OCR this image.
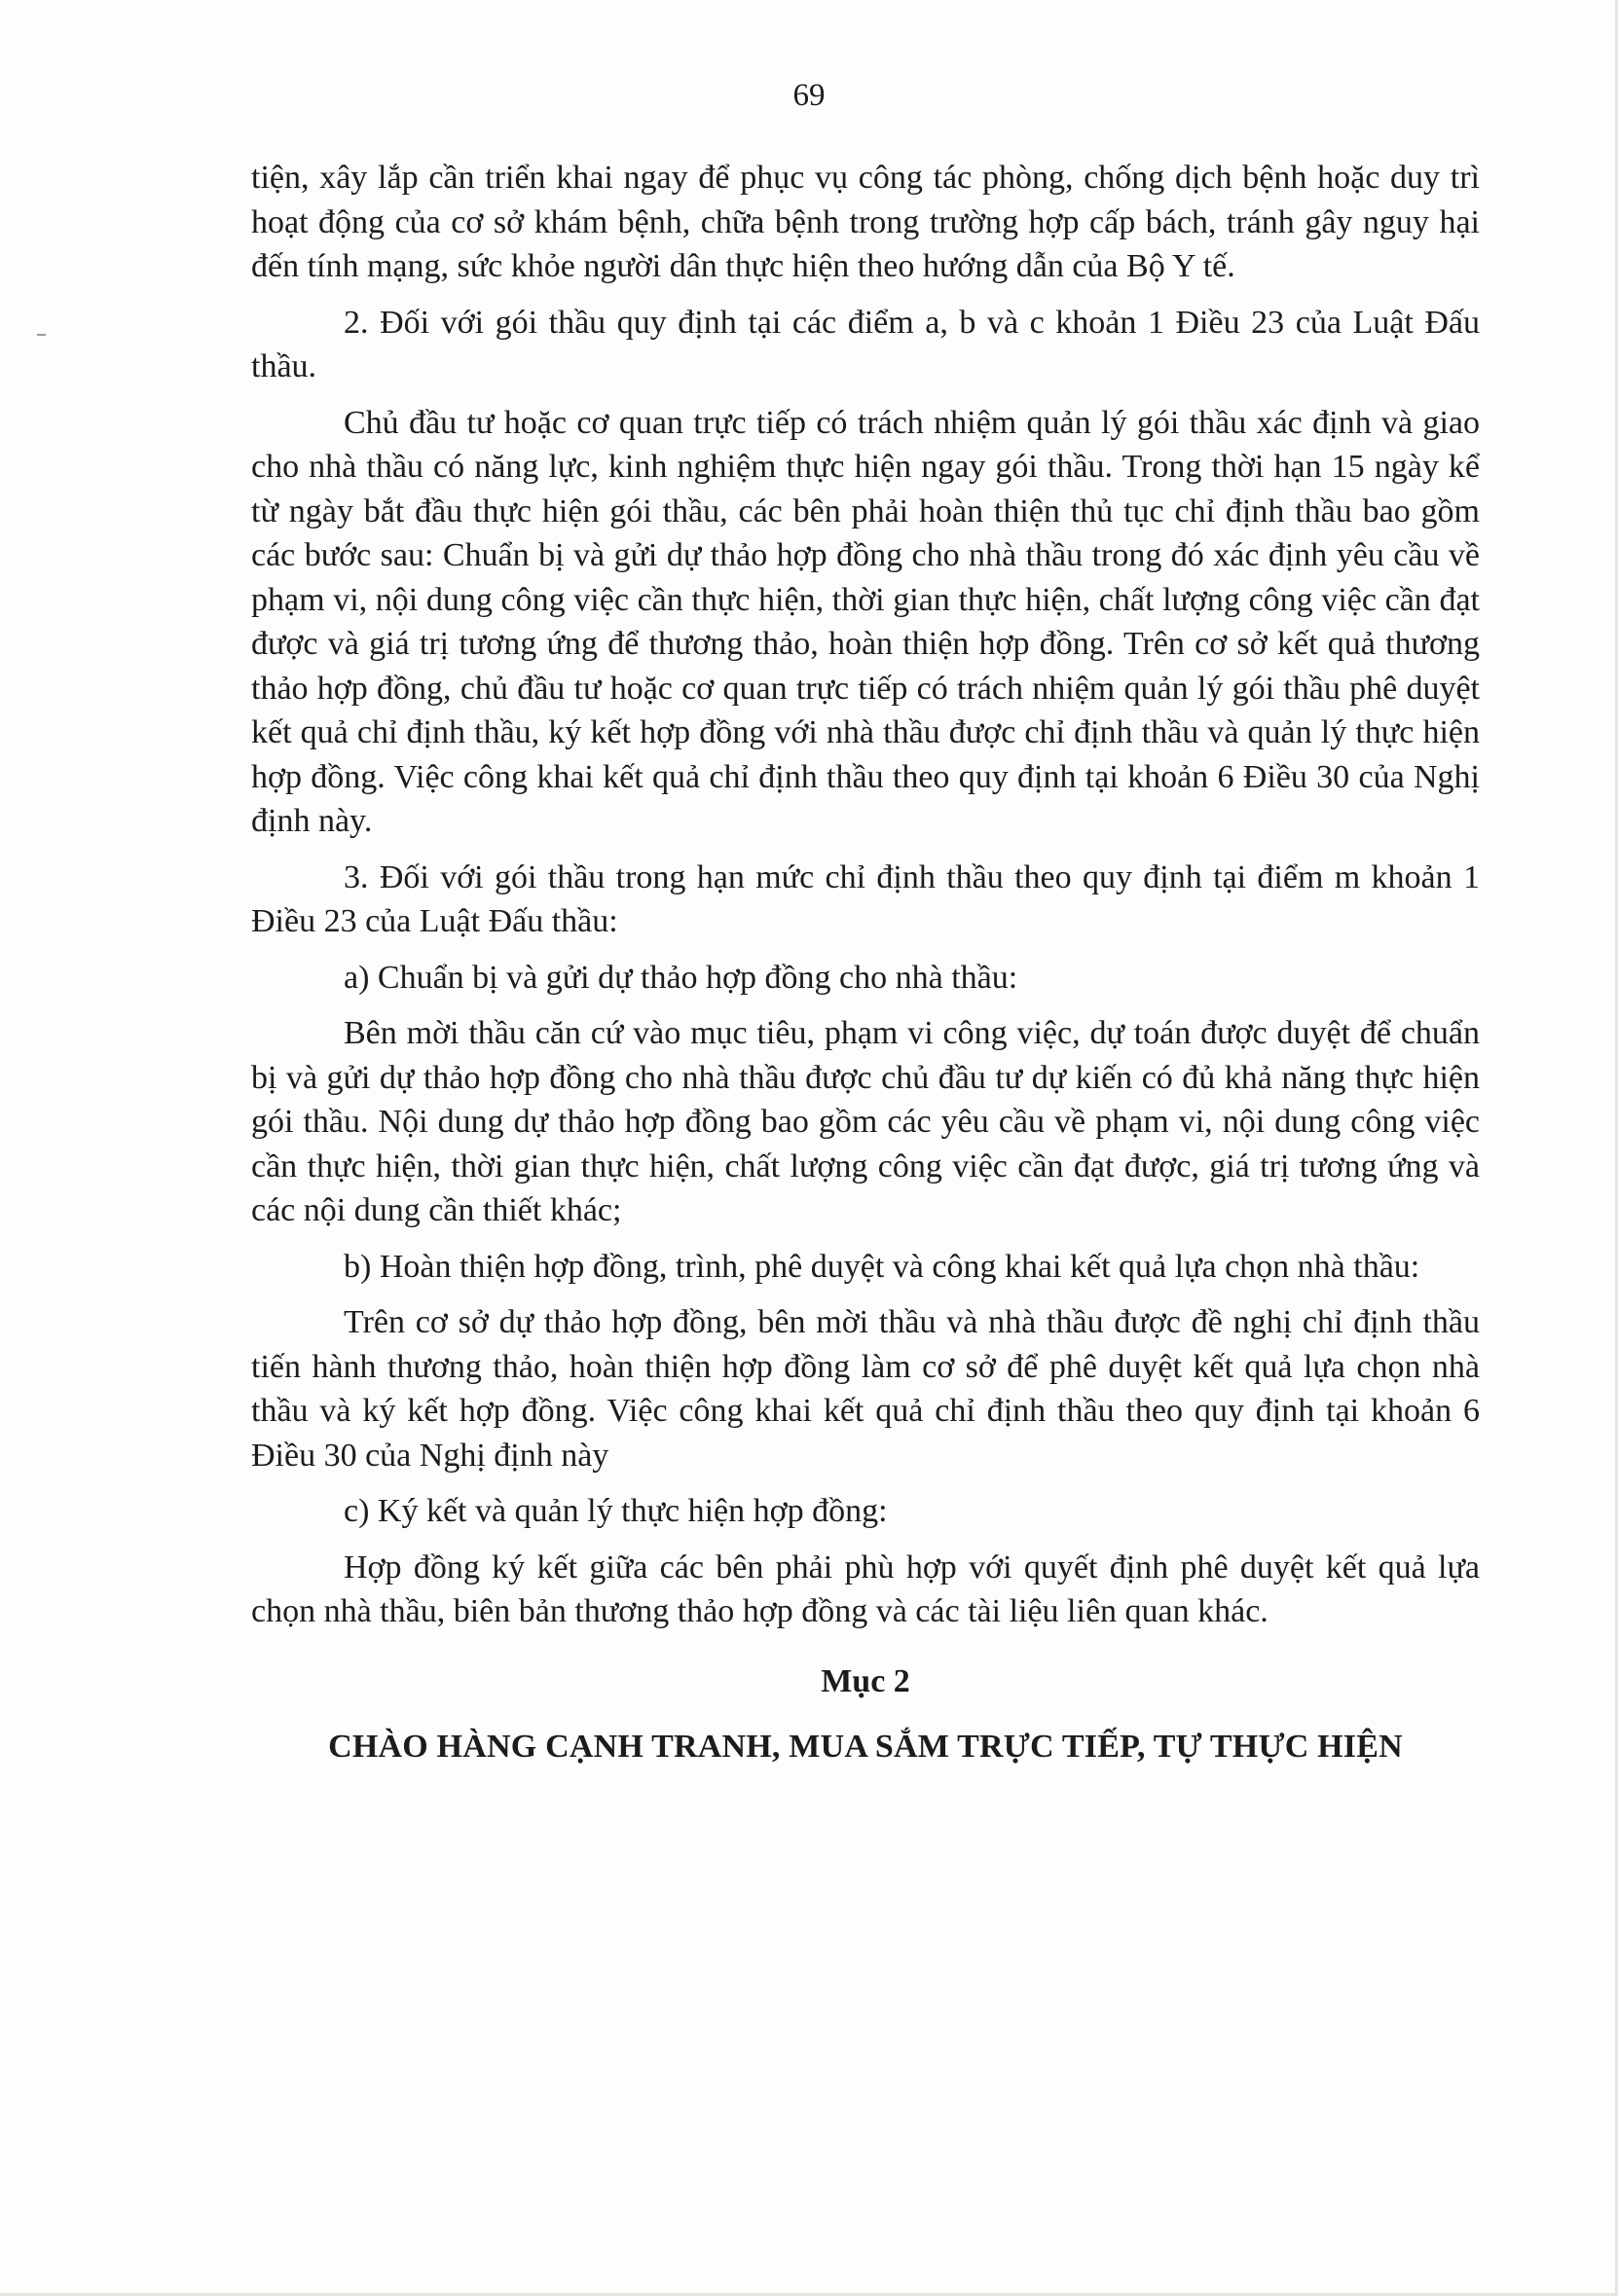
69

tiện, xây lắp cần triển khai ngay để phục vụ công tác phòng, chống dịch bệnh hoặc duy trì hoạt động của cơ sở khám bệnh, chữa bệnh trong trường hợp cấp bách, tránh gây nguy hại đến tính mạng, sức khỏe người dân thực hiện theo hướng dẫn của Bộ Y tế.

2. Đối với gói thầu quy định tại các điểm a, b và c khoản 1 Điều 23 của Luật Đấu thầu.

Chủ đầu tư hoặc cơ quan trực tiếp có trách nhiệm quản lý gói thầu xác định và giao cho nhà thầu có năng lực, kinh nghiệm thực hiện ngay gói thầu. Trong thời hạn 15 ngày kể từ ngày bắt đầu thực hiện gói thầu, các bên phải hoàn thiện thủ tục chỉ định thầu bao gồm các bước sau: Chuẩn bị và gửi dự thảo hợp đồng cho nhà thầu trong đó xác định yêu cầu về phạm vi, nội dung công việc cần thực hiện, thời gian thực hiện, chất lượng công việc cần đạt được và giá trị tương ứng để thương thảo, hoàn thiện hợp đồng. Trên cơ sở kết quả thương thảo hợp đồng, chủ đầu tư hoặc cơ quan trực tiếp có trách nhiệm quản lý gói thầu phê duyệt kết quả chỉ định thầu, ký kết hợp đồng với nhà thầu được chỉ định thầu và quản lý thực hiện hợp đồng. Việc công khai kết quả chỉ định thầu theo quy định tại khoản 6 Điều 30 của Nghị định này.

3. Đối với gói thầu trong hạn mức chỉ định thầu theo quy định tại điểm m khoản 1 Điều 23 của Luật Đấu thầu:

a) Chuẩn bị và gửi dự thảo hợp đồng cho nhà thầu:

Bên mời thầu căn cứ vào mục tiêu, phạm vi công việc, dự toán được duyệt để chuẩn bị và gửi dự thảo hợp đồng cho nhà thầu được chủ đầu tư dự kiến có đủ khả năng thực hiện gói thầu. Nội dung dự thảo hợp đồng bao gồm các yêu cầu về phạm vi, nội dung công việc cần thực hiện, thời gian thực hiện, chất lượng công việc cần đạt được, giá trị tương ứng và các nội dung cần thiết khác;

b) Hoàn thiện hợp đồng, trình, phê duyệt và công khai kết quả lựa chọn nhà thầu:

Trên cơ sở dự thảo hợp đồng, bên mời thầu và nhà thầu được đề nghị chỉ định thầu tiến hành thương thảo, hoàn thiện hợp đồng làm cơ sở để phê duyệt kết quả lựa chọn nhà thầu và ký kết hợp đồng. Việc công khai kết quả chỉ định thầu theo quy định tại khoản 6 Điều 30 của Nghị định này

c) Ký kết và quản lý thực hiện hợp đồng:

Hợp đồng ký kết giữa các bên phải phù hợp với quyết định phê duyệt kết quả lựa chọn nhà thầu, biên bản thương thảo hợp đồng và các tài liệu liên quan khác.

Mục 2
CHÀO HÀNG CẠNH TRANH, MUA SẮM TRỰC TIẾP, TỰ THỰC HIỆN
